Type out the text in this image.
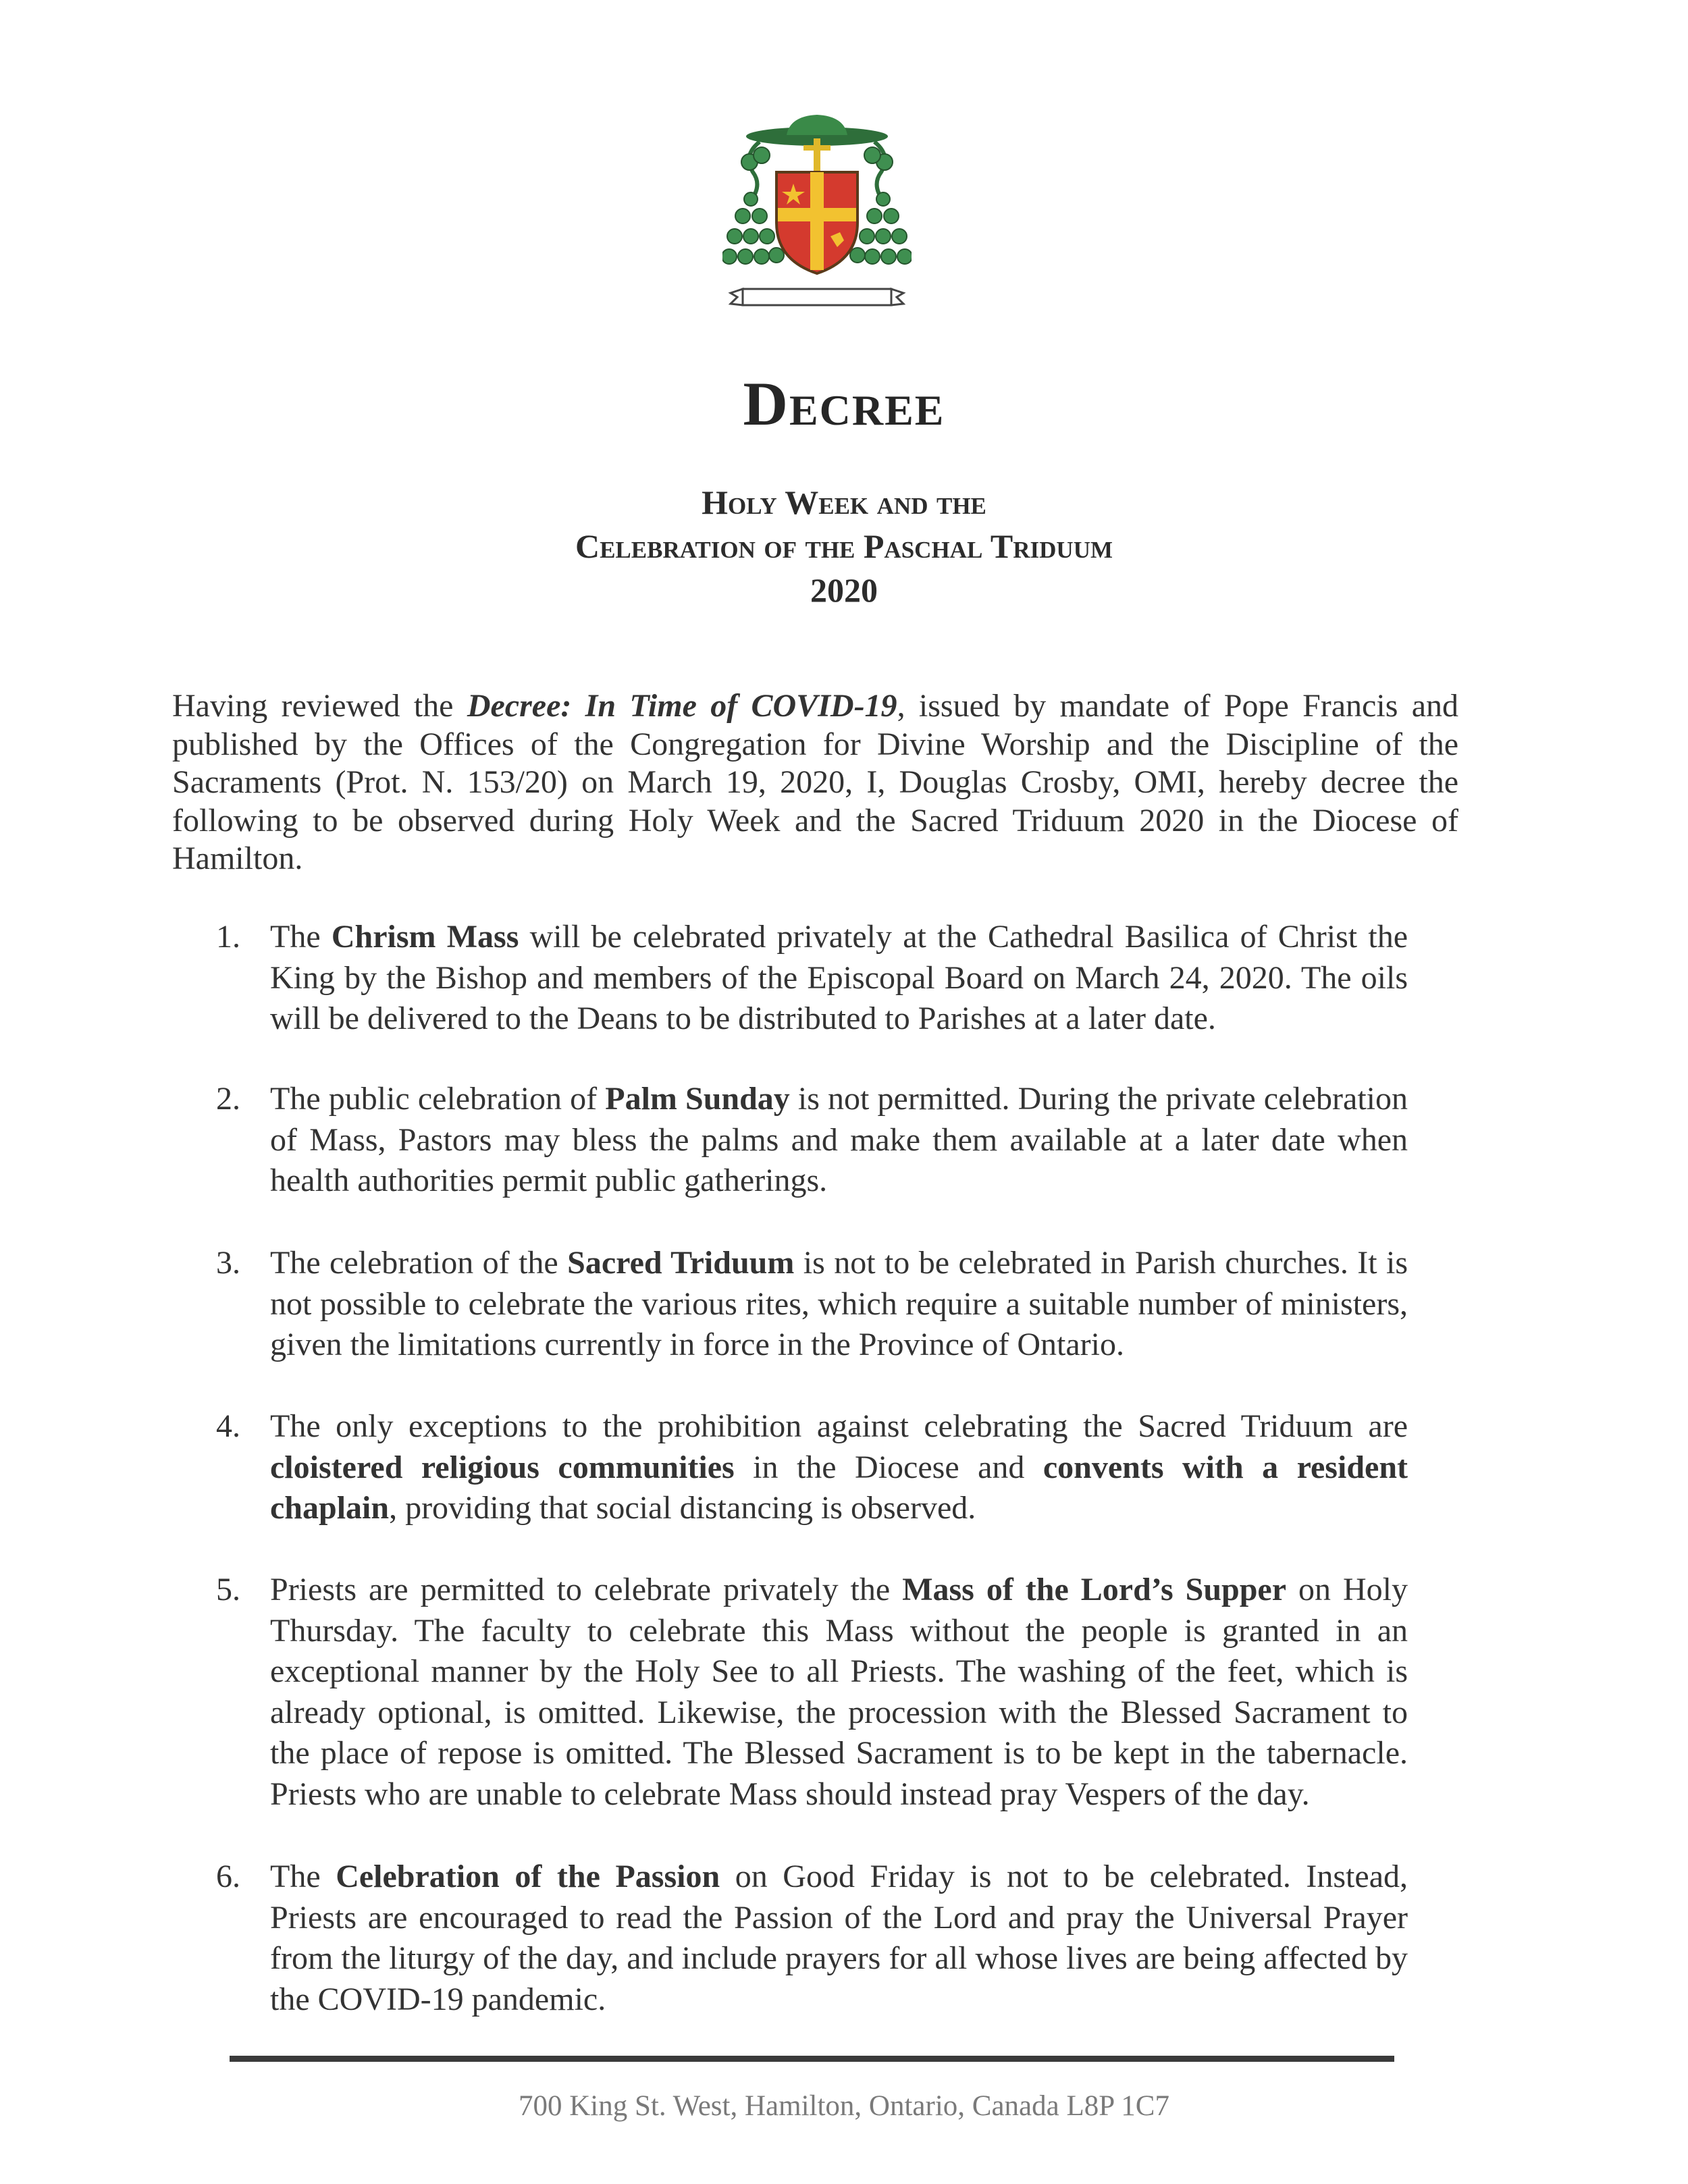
Decree
Holy Week and the
Celebration of the Paschal Triduum
2020
Having reviewed the Decree: In Time of COVID-19, issued by mandate of Pope Francis and published by the Offices of the Congregation for Divine Worship and the Discipline of the Sacraments (Prot. N. 153/20) on March 19, 2020, I, Douglas Crosby, OMI, hereby decree the following to be observed during Holy Week and the Sacred Triduum 2020 in the Diocese of Hamilton.
1. The Chrism Mass will be celebrated privately at the Cathedral Basilica of Christ the King by the Bishop and members of the Episcopal Board on March 24, 2020. The oils will be delivered to the Deans to be distributed to Parishes at a later date.
2. The public celebration of Palm Sunday is not permitted. During the private celebration of Mass, Pastors may bless the palms and make them available at a later date when health authorities permit public gatherings.
3. The celebration of the Sacred Triduum is not to be celebrated in Parish churches. It is not possible to celebrate the various rites, which require a suitable number of ministers, given the limitations currently in force in the Province of Ontario.
4. The only exceptions to the prohibition against celebrating the Sacred Triduum are cloistered religious communities in the Diocese and convents with a resident chaplain, providing that social distancing is observed.
5. Priests are permitted to celebrate privately the Mass of the Lord’s Supper on Holy Thursday. The faculty to celebrate this Mass without the people is granted in an exceptional manner by the Holy See to all Priests. The washing of the feet, which is already optional, is omitted. Likewise, the procession with the Blessed Sacrament to the place of repose is omitted. The Blessed Sacrament is to be kept in the tabernacle. Priests who are unable to celebrate Mass should instead pray Vespers of the day.
6. The Celebration of the Passion on Good Friday is not to be celebrated. Instead, Priests are encouraged to read the Passion of the Lord and pray the Universal Prayer from the liturgy of the day, and include prayers for all whose lives are being affected by the COVID-19 pandemic.
700 King St. West, Hamilton, Ontario, Canada L8P 1C7
